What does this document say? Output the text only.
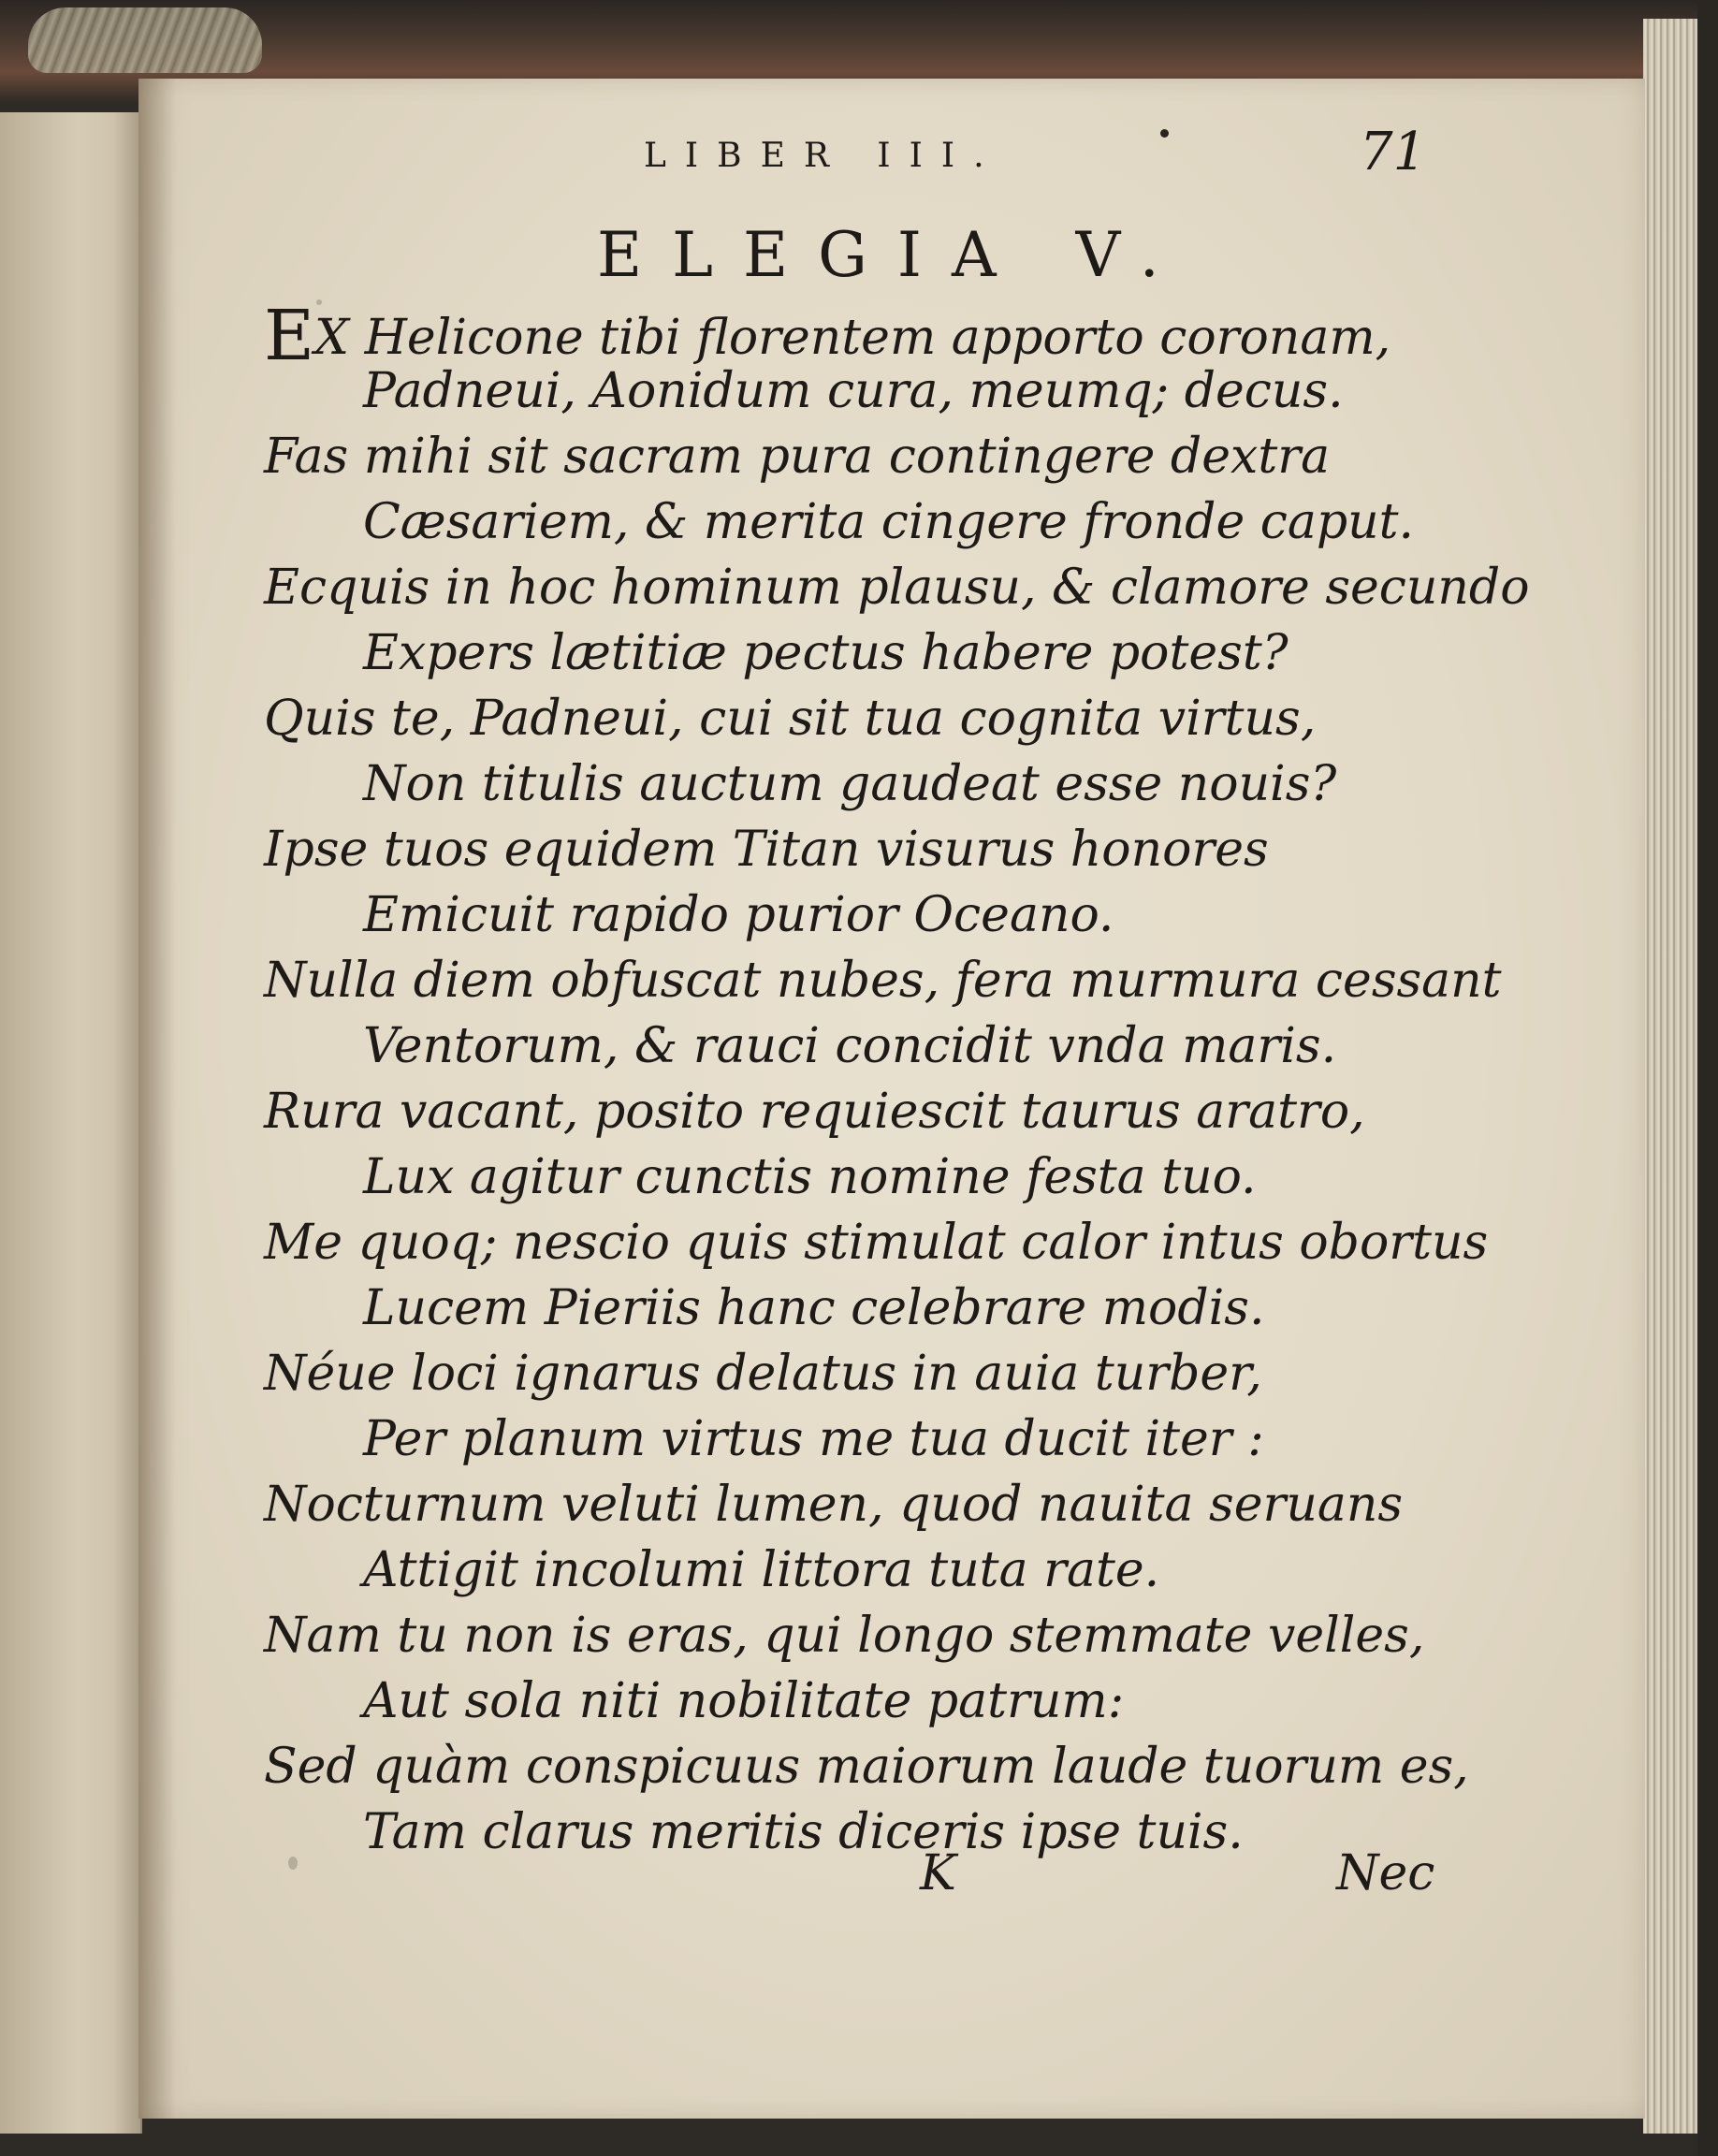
LIBER III.	71
ELEGIA V.
EX Helicone tibi florentem apporto coronam,
Padneui, Aonidum cura, meumq; decus.
Fas mihi sit sacram pura contingere dextra
Cæsariem, & merita cingere fronde caput.
Ecquis in hoc hominum plausu, & clamore secundo
Expers lætitiæ pectus habere potest?
Quis te, Padneui, cui sit tua cognita virtus,
Non titulis auctum gaudeat esse nouis?
Ipse tuos equidem Titan visurus honores
Emicuit rapido purior Oceano.
Nulla diem obfuscat nubes, fera murmura cessant
Ventorum, & rauci concidit vnda maris.
Rura vacant, posito requiescit taurus aratro,
Lux agitur cunctis nomine festa tuo.
Me quoq; nescio quis stimulat calor intus obortus
Lucem Pieriis hanc celebrare modis.
Néue loci ignarus delatus in auia turber,
Per planum virtus me tua ducit iter :
Nocturnum veluti lumen, quod nauita seruans
Attigit incolumi littora tuta rate.
Nam tu non is eras, qui longo stemmate velles,
Aut sola niti nobilitate patrum:
Sed quàm conspicuus maiorum laude tuorum es,
Tam clarus meritis diceris ipse tuis.
K	Nec
